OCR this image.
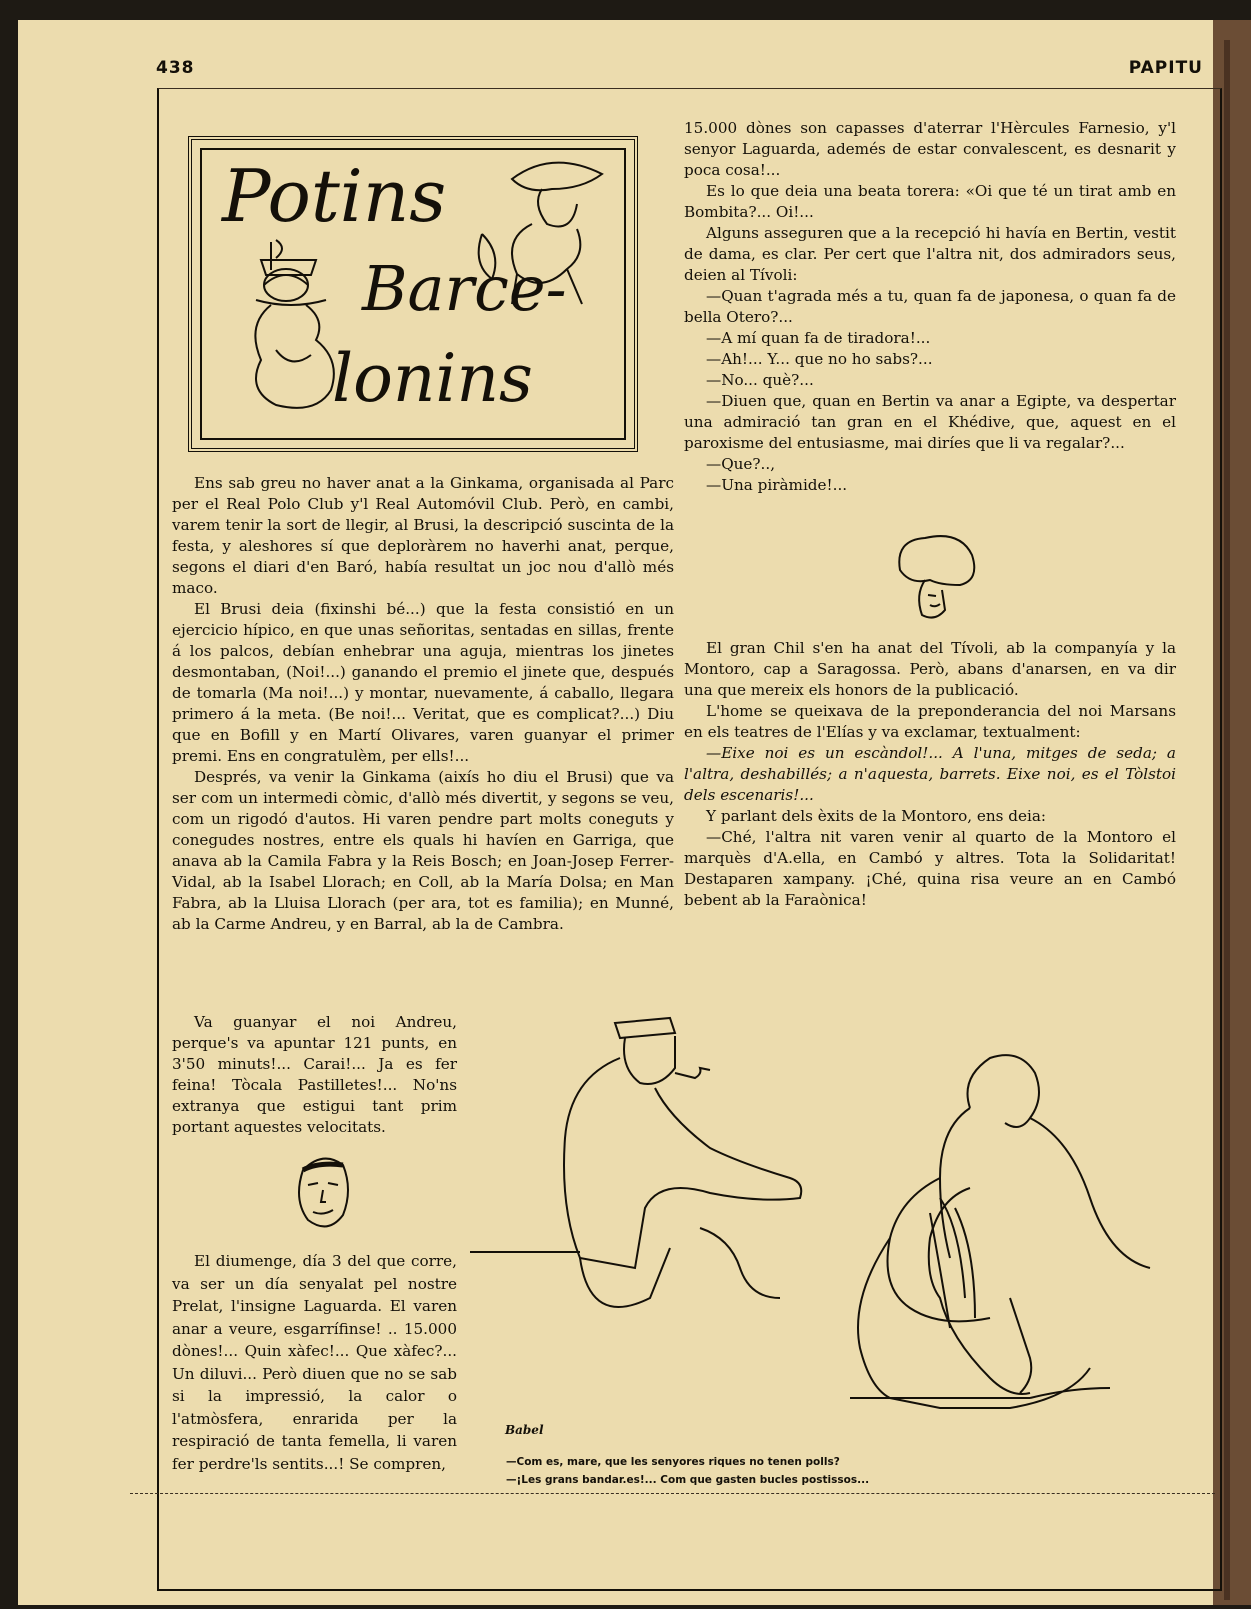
438	PAPITU
Potins
Barce-
lonins

Ens sab greu no haver anat a la Ginkama, organisada al Parc per el Real Polo Club y'l Real Automóvil Club. Però, en cambi, varem tenir la sort de llegir, al Brusi, la descripció suscinta de la festa, y aleshores sí que deploràrem no haverhi anat, perque, segons el diari d'en Baró, había resultat un joc nou d'allò més maco.

El Brusi deia (fixinshi bé...) que la festa consistió en un ejercicio hípico, en que unas señoritas, sentadas en sillas, frente á los palcos, debían enhebrar una aguja, mientras los jinetes desmontaban, (Noi!...) ganando el premio el jinete que, después de tomarla (Ma noi!...) y montar, nuevamente, á caballo, llegara primero á la meta. (Be noi!... Veritat, que es complicat?...) Diu que en Bofill y en Martí Olivares, varen guanyar el primer premi. Ens en congratulèm, per ells!...

Després, va venir la Ginkama (aixís ho diu el Brusi) que va ser com un intermedi còmic, d'allò més divertit, y segons se veu, com un rigodó d'autos. Hi varen pendre part molts coneguts y conegudes nostres, entre els quals hi havíen en Garriga, que anava ab la Camila Fabra y la Reis Bosch; en Joan-Josep Ferrer-Vidal, ab la Isabel Llorach; en Coll, ab la María Dolsa; en Man Fabra, ab la Lluisa Llorach (per ara, tot es familia); en Munné, ab la Carme Andreu, y en Barral, ab la de Cambra.

Va guanyar el noi Andreu, perque's va apuntar 121 punts, en 3'50 minuts!... Carai!... Ja es fer feina! Tòcala Pastilletes!... No'ns extranya que estigui tant prim portant aquestes velocitats.

El diumenge, día 3 del que corre, va ser un día senyalat pel nostre Prelat, l'insigne Laguarda. El varen anar a veure, esgarrífinse! .. 15.000 dònes!... Quin xàfec!... Que xàfec?... Un diluvi... Però diuen que no se sab si la impressió, la calor o l'atmòsfera, enrarida per la respiració de tanta femella, li varen fer perdre'ls sentits...! Se compren,

15.000 dònes son capasses d'aterrar l'Hèrcules Farnesio, y'l senyor Laguarda, ademés de estar convalescent, es desnarit y poca cosa!...

Es lo que deia una beata torera: «Oi que té un tirat amb en Bombita?... Oi!...

Alguns asseguren que a la recepció hi havía en Bertin, vestit de dama, es clar. Per cert que l'altra nit, dos admiradors seus, deien al Tívoli:

—Quan t'agrada més a tu, quan fa de japonesa, o quan fa de bella Otero?...

—A mí quan fa de tiradora!...

—Ah!... Y... que no ho sabs?...

—No... què?...

—Diuen que, quan en Bertin va anar a Egipte, va despertar una admiració tan gran en el Khédive, que, aquest en el paroxisme del entusiasme, mai diríes que li va regalar?...

—Que?..,

—Una piràmide!...

El gran Chil s'en ha anat del Tívoli, ab la companyía y la Montoro, cap a Saragossa. Però, abans d'anarsen, en va dir una que mereix els honors de la publicació.

L'home se queixava de la preponderancia del noi Marsans en els teatres de l'Elías y va exclamar, textualment:

—Eixe noi es un escàndol!... A l'una, mitges de seda; a l'altra, deshabillés; a n'aquesta, barrets. Eixe noi, es el Tòlstoi dels escenaris!...

Y parlant dels èxits de la Montoro, ens deia:

—Ché, l'altra nit varen venir al quarto de la Montoro el marquès d'A.ella, en Cambó y altres. Tota la Solidaritat! Destaparen xampany. ¡Ché, quina risa veure an en Cambó bebent ab la Faraònica!

Babel
—Com es, mare, que les senyores riques no tenen polls?
—¡Les grans bandar.es!... Com que gasten bucles postissos...
